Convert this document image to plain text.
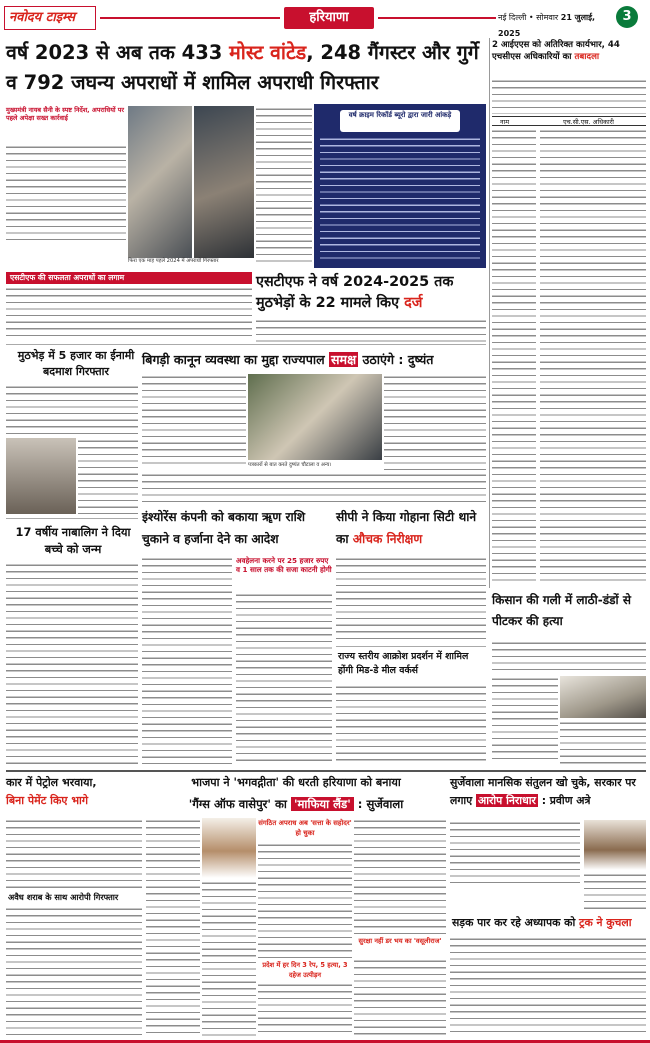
नवोदय टाइम्स	हरियाणा	नई दिल्ली • सोमवार 21 जुलाई, 2025
3
वर्ष 2023 से अब तक 433 मोस्ट वांटेड, 248 गैंगस्टर और गुर्गे व 792 जघन्य अपराधों में शामिल अपराधी गिरफ्तार
मुख्यमंत्री नायब सैनी के स्पष्ट निर्देश, अपराधियों पर पहले अपेक्षा सख्त कार्रवाई
फिरा एक माह पहले 2024 में अपराधी गिरफ्तार
वर्ष क्राइम रिकॉर्ड ब्यूरो द्वारा जारी आंकड़े
2 आईएएस को अतिरिक्त कार्यभार, 44 एचसीएस अधिकारियों का तबादला
नाम	एच.सी.एस. अधिकारी
एसटीएफ की सफलता अपराधों का लगाम	एसटीएफ ने वर्ष 2024-2025 तक मुठभेड़ों के 22 मामले किए दर्ज
मुठभेड़ में 5 हजार का ईनामी बदमाश गिरफ्तार
बिगड़ी कानून व्यवस्था का मुद्दा राज्यपाल समक्ष उठाएंगे : दुष्यंत
पत्रकारों से बात करते दुष्यंत चौटाला व अन्य।
17 वर्षीय नाबालिग ने दिया बच्चे को जन्म
इंश्योरेंस कंपनी को बकाया ॠण राशि चुकाने व हर्जाना देने का आदेश
अवहेलना करने पर 25 हजार रुपए व 1 साल तक की सजा काटनी होगी
सीपी ने किया गोहाना सिटी थाने का औचक निरीक्षण
राज्य स्तरीय आक्रोश प्रदर्शन में शामिल होंगी मिड-डे मील वर्कर्स
किसान की गली में लाठी-डंडों से पीटकर की हत्या
कार में पेट्रोल भरवाया,
बिना पेमेंट किए भागे
अवैध शराब के साथ आरोपी गिरफ्तार
भाजपा ने 'भगवद्गीता' की धरती हरियाणा को बनाया
'गैंग्स ऑफ वासेपुर' का 'माफिया लैंड' : सुर्जेवाला
संगठित अपराध अब 'सत्ता के सहोदर' हो चुका
प्रदेश में हर दिन 3 रेप, 5 हत्या, 3 दहेज उत्पीड़न
सुरक्षा नहीं डर भय का 'वसूलीराज'
सुर्जेवाला मानसिक संतुलन खो चुके, सरकार पर लगाए आरोप निराधार : प्रवीण अत्रे
सड़क पार कर रहे अध्यापक को ट्रक ने कुचला
